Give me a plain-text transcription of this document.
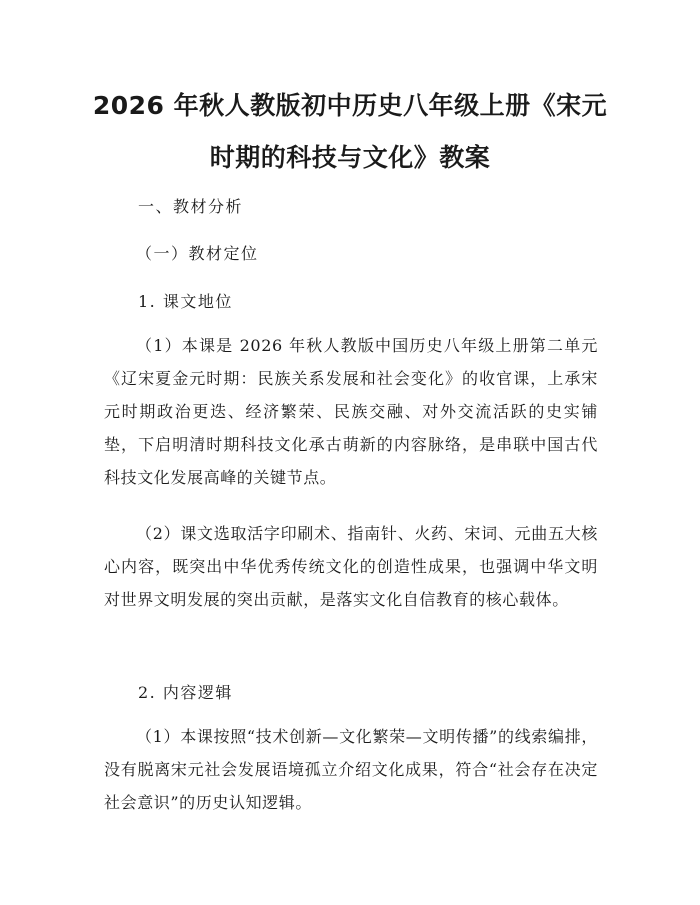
2026 年秋人教版初中历史八年级上册《宋元
时期的科技与文化》教案
一、教材分析
（一）教材定位
1. 课文地位
（1）本课是 2026 年秋人教版中国历史八年级上册第二单元《辽宋夏金元时期：民族关系发展和社会变化》的收官课，上承宋元时期政治更迭、经济繁荣、民族交融、对外交流活跃的史实铺垫，下启明清时期科技文化承古萌新的内容脉络，是串联中国古代科技文化发展高峰的关键节点。
（2）课文选取活字印刷术、指南针、火药、宋词、元曲五大核心内容，既突出中华优秀传统文化的创造性成果，也强调中华文明对世界文明发展的突出贡献，是落实文化自信教育的核心载体。
2. 内容逻辑
（1）本课按照“技术创新—文化繁荣—文明传播”的线索编排，没有脱离宋元社会发展语境孤立介绍文化成果，符合“社会存在决定社会意识”的历史认知逻辑。
